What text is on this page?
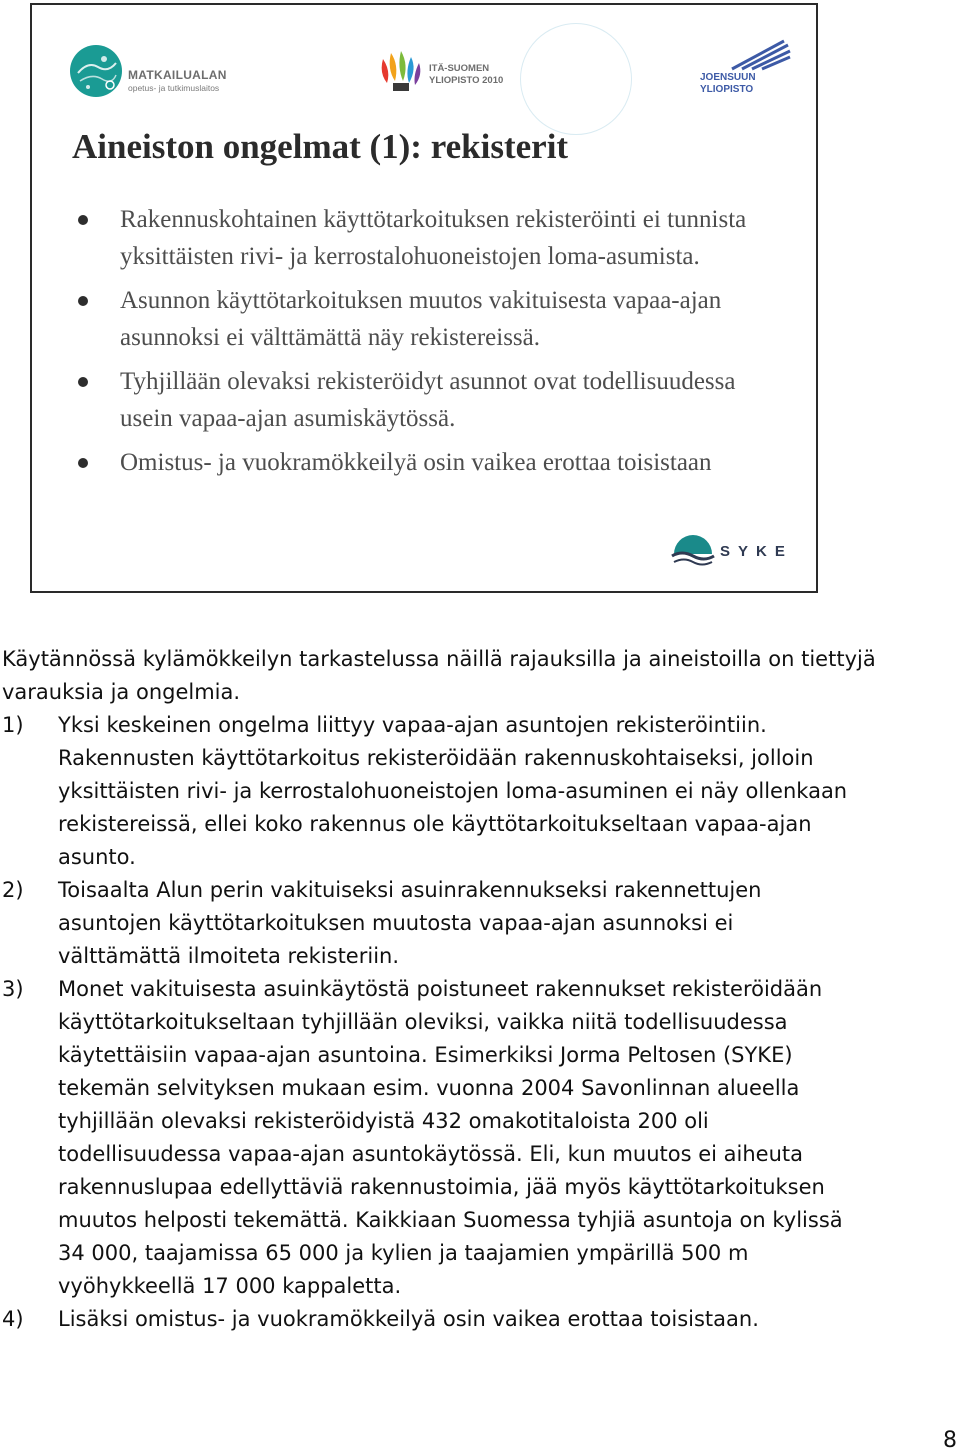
MATKAILUALAN
opetus- ja tutkimuslaitos
ITÄ-SUOMEN
YLIOPISTO 2010	JOENSUUN
YLIOPISTO
Aineiston ongelmat (1): rekisterit
Rakennuskohtainen käyttötarkoituksen rekisteröinti ei tunnista yksittäisten rivi- ja kerrostalohuoneistojen loma-asumista.
Asunnon käyttötarkoituksen muutos vakituisesta vapaa-ajan asunnoksi ei välttämättä näy rekistereissä.
Tyhjillään olevaksi rekisteröidyt asunnot ovat todellisuudessa usein vapaa-ajan asumiskäytössä.
Omistus- ja vuokramökkeilyä osin vaikea erottaa toisistaan
SYKE

Käytännössä kylämökkeilyn tarkastelussa näillä rajauksilla ja aineistoilla on tiettyjä varauksia ja ongelmia.

1) Yksi keskeinen ongelma liittyy vapaa-ajan asuntojen rekisteröintiin. Rakennusten käyttötarkoitus rekisteröidään rakennuskohtaiseksi, jolloin yksittäisten rivi- ja kerrostalohuoneistojen loma-asuminen ei näy ollenkaan rekistereissä, ellei koko rakennus ole käyttötarkoitukseltaan vapaa-ajan asunto.
2) Toisaalta Alun perin vakituiseksi asuinrakennukseksi rakennettujen asuntojen käyttötarkoituksen muutosta vapaa-ajan asunnoksi ei välttämättä ilmoiteta rekisteriin.
3) Monet vakituisesta asuinkäytöstä poistuneet rakennukset rekisteröidään käyttötarkoitukseltaan tyhjillään oleviksi, vaikka niitä todellisuudessa käytettäisiin vapaa-ajan asuntoina. Esimerkiksi Jorma Peltosen (SYKE) tekemän selvityksen mukaan esim. vuonna 2004 Savonlinnan alueella tyhjillään olevaksi rekisteröidyistä 432 omakotitaloista 200 oli todellisuudessa vapaa-ajan asuntokäytössä. Eli, kun muutos ei aiheuta rakennuslupaa edellyttäviä rakennustoimia, jää myös käyttötarkoituksen muutos helposti tekemättä. Kaikkiaan Suomessa tyhjiä asuntoja on kylissä 34 000, taajamissa 65 000 ja kylien ja taajamien ympärillä 500 m vyöhykkeellä 17 000 kappaletta.
4) Lisäksi omistus- ja vuokramökkeilyä osin vaikea erottaa toisistaan.
8
